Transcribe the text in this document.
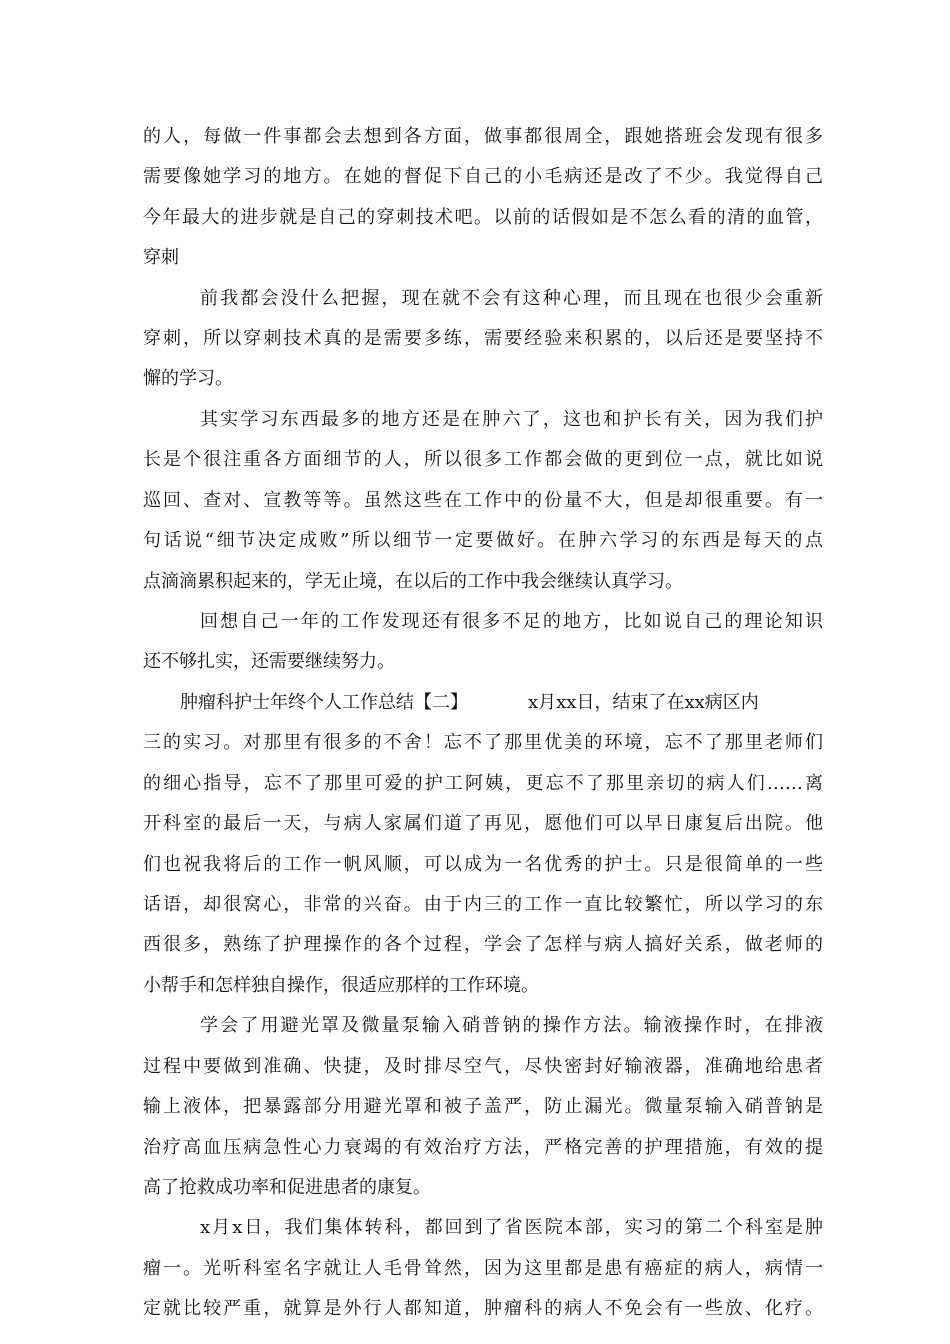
的人，每做一件事都会去想到各方面，做事都很周全，跟她搭班会发现有很多
需要像她学习的地方。在她的督促下自己的小毛病还是改了不少。我觉得自己
今年最大的进步就是自己的穿刺技术吧。以前的话假如是不怎么看的清的血管，
穿刺
前我都会没什么把握，现在就不会有这种心理，而且现在也很少会重新
穿刺，所以穿刺技术真的是需要多练，需要经验来积累的，以后还是要坚持不
懈的学习。
其实学习东西最多的地方还是在肿六了，这也和护长有关，因为我们护
长是个很注重各方面细节的人，所以很多工作都会做的更到位一点，就比如说
巡回、查对、宣教等等。虽然这些在工作中的份量不大，但是却很重要。有一
句话说“细节决定成败”所以细节一定要做好。在肿六学习的东西是每天的点
点滴滴累积起来的，学无止境，在以后的工作中我会继续认真学习。
回想自己一年的工作发现还有很多不足的地方，比如说自己的理论知识
还不够扎实，还需要继续努力。
肿瘤科护士年终个人工作总结【二】	x月xx日，结束了在xx病区内
三的实习。对那里有很多的不舍！忘不了那里优美的环境，忘不了那里老师们
的细心指导，忘不了那里可爱的护工阿姨，更忘不了那里亲切的病人们……离
开科室的最后一天，与病人家属们道了再见，愿他们可以早日康复后出院。他
们也祝我将后的工作一帆风顺，可以成为一名优秀的护士。只是很简单的一些
话语，却很窝心，非常的兴奋。由于内三的工作一直比较繁忙，所以学习的东
西很多，熟练了护理操作的各个过程，学会了怎样与病人搞好关系，做老师的
小帮手和怎样独自操作，很适应那样的工作环境。
学会了用避光罩及微量泵输入硝普钠的操作方法。输液操作时，在排液
过程中要做到准确、快捷，及时排尽空气，尽快密封好输液器，准确地给患者
输上液体，把暴露部分用避光罩和被子盖严，防止漏光。微量泵输入硝普钠是
治疗高血压病急性心力衰竭的有效治疗方法，严格完善的护理措施，有效的提
高了抢救成功率和促进患者的康复。
x月x日，我们集体转科，都回到了省医院本部，实习的第二个科室是肿
瘤一。光听科室名字就让人毛骨耸然，因为这里都是患有癌症的病人，病情一
定就比较严重，就算是外行人都知道，肿瘤科的病人不免会有一些放、化疗。
